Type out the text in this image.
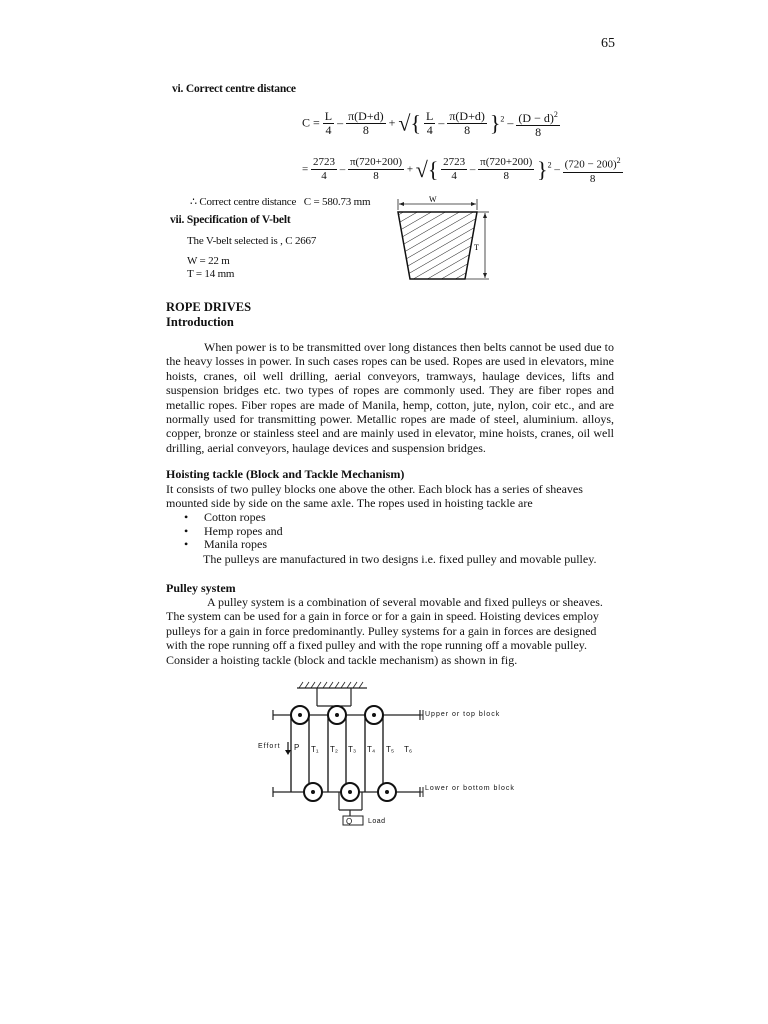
65
vi. Correct centre distance
$C = \frac{L}{4} - \frac{\pi(D+d)}{8}$ + √{ $\frac{L}{4} - \frac{\pi(D+d)}{8} \}^2 - \frac{(D - d)^2}{8}$
= $\frac{2723}{4} - \frac{\pi(720+200)}{8}$ + √{ $\frac{2723}{4} - \frac{\pi(720+200)}{8} \}^2 - \frac{(720 - 200)^2}{8}$
∴ Correct centre distance C = 580.73 mm
vii. Specification of V-belt
The V-belt selected is , C 2667
W = 22 m
T = 14 mm
W
T
ROPE DRIVES
Introduction
When power is to be transmitted over long distances then belts cannot be used due to the heavy losses in power. In such cases ropes can be used. Ropes are used in elevators, mine hoists, cranes, oil well drilling, aerial conveyors, tramways, haulage devices, lifts and suspension bridges etc. two types of ropes are commonly used. They are fiber ropes and metallic ropes. Fiber ropes are made of Manila, hemp, cotton, jute, nylon, coir etc., and are normally used for transmitting power. Metallic ropes are made of steel, aluminium. alloys, copper, bronze or stainless steel and are mainly used in elevator, mine hoists, cranes, oil well drilling, aerial conveyors, haulage devices and suspension bridges.
Hoisting tackle (Block and Tackle Mechanism)
It consists of two pulley blocks one above the other. Each block has a series of sheaves mounted side by side on the same axle. The ropes used in hoisting tackle are
• Cotton ropes
• Hemp ropes and
• Manila ropes
The pulleys are manufactured in two designs i.e. fixed pulley and movable pulley.
Pulley system
A pulley system is a combination of several movable and fixed pulleys or sheaves. The system can be used for a gain in force or for a gain in speed. Hoisting devices employ pulleys for a gain in force predominantly. Pulley systems for a gain in forces are designed with the rope running off a fixed pulley and with the rope running off a movable pulley. Consider a hoisting tackle (block and tackle mechanism) as shown in fig.
Upper or top block
Lower or bottom block
Effort P
Q Load
T₁ T₂ T₃ T₄ T₅ T₆
